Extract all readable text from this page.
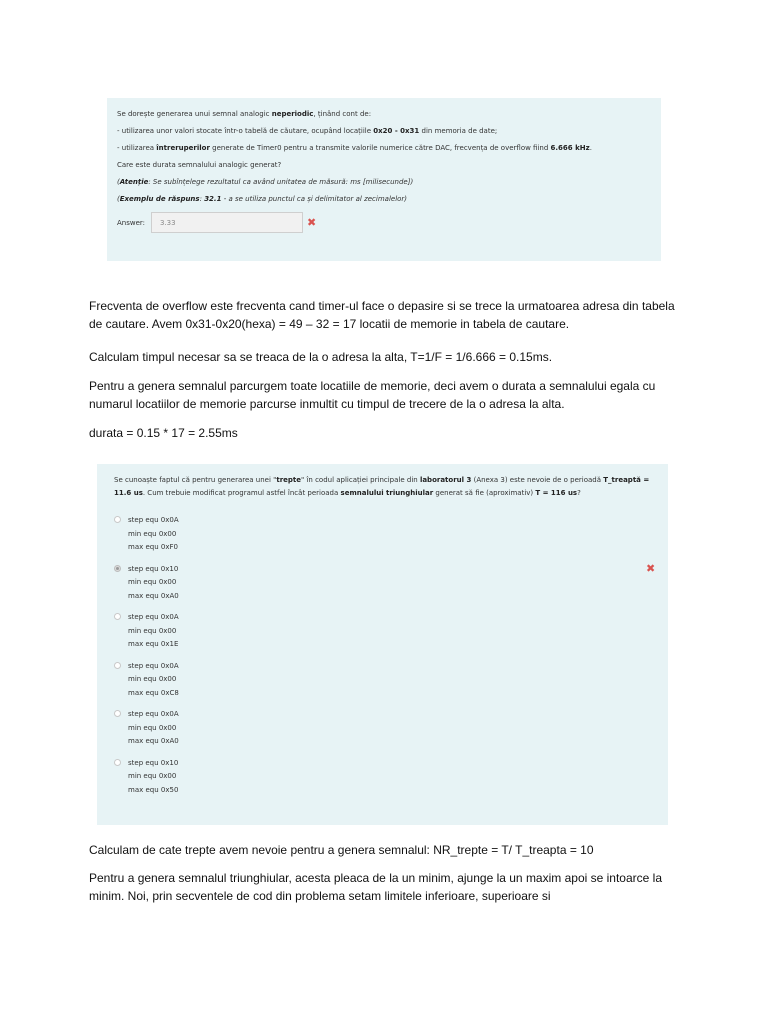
Se dorește generarea unui semnal analogic neperiodic, ținând cont de:
- utilizarea unor valori stocate într-o tabelă de căutare, ocupând locațiile 0x20 - 0x31 din memoria de date;
- utilizarea întreruperilor generate de Timer0 pentru a transmite valorile numerice către DAC, frecvența de overflow fiind 6.666 kHz.
Care este durata semnalului analogic generat?
(Atenție: Se subînțelege rezultatul ca având unitatea de măsură: ms [milisecunde])
(Exemplu de răspuns: 32.1 - a se utiliza punctul ca și delimitator al zecimalelor)
Answer:
3.33	✖

Frecventa de overflow este frecventa cand timer-ul face o depasire si se trece la urmatoarea adresa din tabela de cautare. Avem 0x31-0x20(hexa) = 49 – 32 = 17 locatii de memorie in tabela de cautare.

Calculam timpul necesar sa se treaca de la o adresa la alta, T=1/F = 1/6.666 = 0.15ms.

Pentru a genera semnalul parcurgem toate locatiile de memorie, deci avem o durata a semnalului egala cu numarul locatiilor de memorie parcurse inmultit cu timpul de trecere de la o adresa la alta.

durata = 0.15 * 17 = 2.55ms

Se cunoaște faptul că pentru generarea unei "trepte" în codul aplicației principale din laboratorul 3 (Anexa 3) este nevoie de o perioadă T_treaptă = 11.6 us. Cum trebuie modificat programul astfel încât perioada semnalului triunghiular generat să fie (aproximativ) T = 116 us?
step equ 0x0A
min equ 0x00
max equ 0xF0
step equ 0x10
min equ 0x00
max equ 0xA0
✖
step equ 0x0A
min equ 0x00
max equ 0x1E
step equ 0x0A
min equ 0x00
max equ 0xC8
step equ 0x0A
min equ 0x00
max equ 0xA0
step equ 0x10
min equ 0x00
max equ 0x50

Calculam de cate trepte avem nevoie pentru a genera semnalul: NR_trepte = T/ T_treapta = 10

Pentru a genera semnalul triunghiular, acesta pleaca de la un minim, ajunge la un maxim apoi se intoarce la minim. Noi, prin secventele de cod din problema setam limitele inferioare, superioare si
